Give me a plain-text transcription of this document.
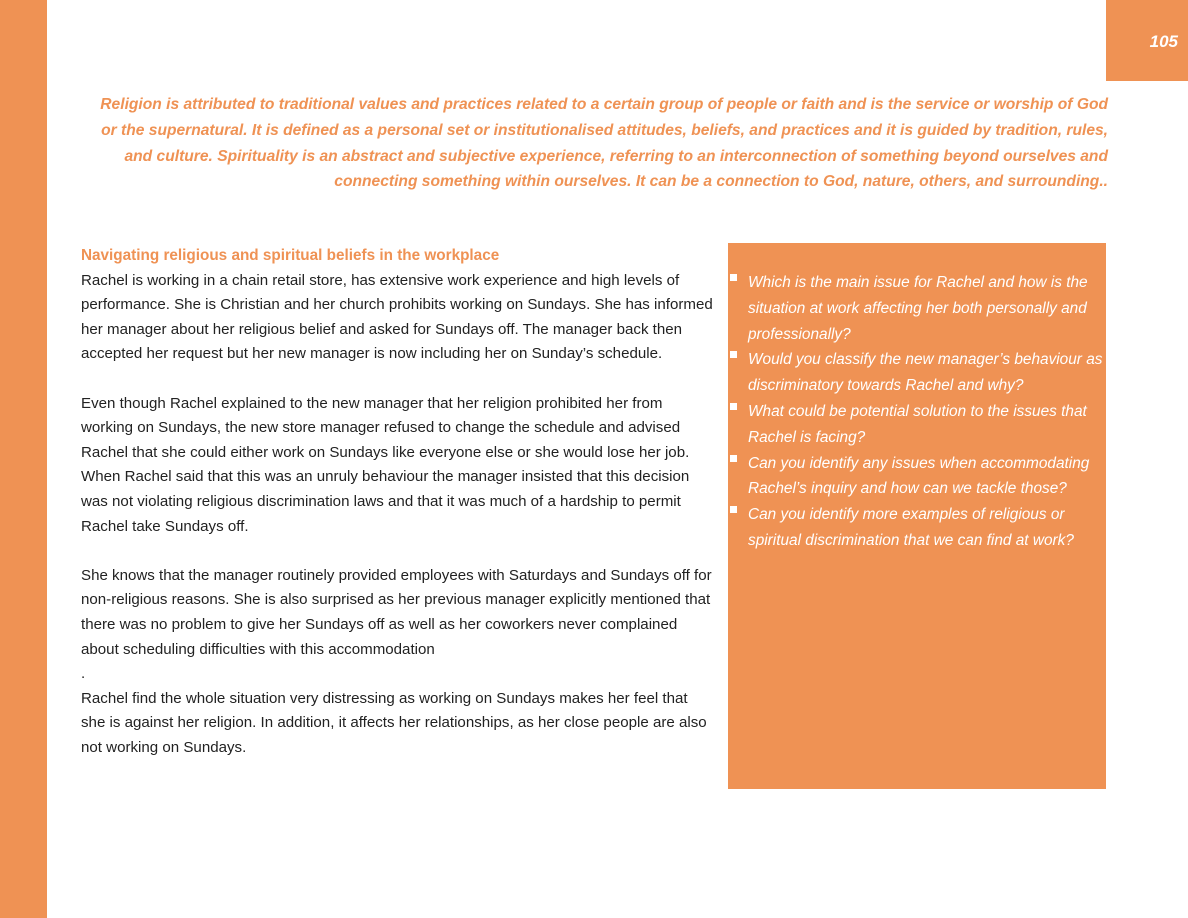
105

Religion is attributed to traditional values and practices related to a certain group of people or faith and is the service or worship of God or the supernatural. It is defined as a personal set or institutionalised attitudes, beliefs, and practices and it is guided by tradition, rules, and culture. Spirituality is an abstract and subjective experience, referring to an interconnection of something beyond ourselves and connecting something within ourselves. It can be a connection to God, nature, others, and surrounding..

Navigating religious and spiritual beliefs in the workplace

Rachel is working in a chain retail store, has extensive work experience and high levels of performance. She is Christian and her church prohibits working on Sundays. She has informed her manager about her religious belief and asked for Sundays off. The manager back then accepted her request but her new manager is now including her on Sunday’s schedule.

Even though Rachel explained to the new manager that her religion prohibited her from working on Sundays, the new store manager refused to change the schedule and advised Rachel that she could either work on Sundays like everyone else or she would lose her job. When Rachel said that this was an unruly behaviour the manager insisted that this decision was not violating religious discrimination laws and that it was much of a hardship to permit Rachel take Sundays off.

She knows that the manager routinely provided employees with Saturdays and Sundays off for non-religious reasons. She is also surprised as her previous manager explicitly mentioned that there was no problem to give her Sundays off as well as her coworkers never complained about scheduling difficulties with this accommodation

.

Rachel find the whole situation very distressing as working on Sundays makes her feel that she is against her religion. In addition, it affects her relationships, as her close people are also not working on Sundays.

Which is the main issue for Rachel and how is the situation at work affecting her both personally and professionally?
Would you classify the new manager’s behaviour as discriminatory towards Rachel and why?
What could be potential solution to the issues that Rachel is facing?
Can you identify any issues when accommodating Rachel’s inquiry and how can we tackle those?
Can you identify more examples of religious or spiritual discrimination that we can find at work?
